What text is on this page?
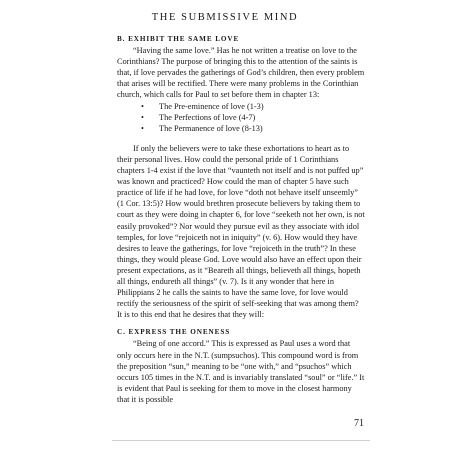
THE SUBMISSIVE MIND

B. EXHIBIT THE SAME LOVE

“Having the same love.” Has he not written a treatise on love to the Corinthians? The purpose of bringing this to the attention of the saints is that, if love pervades the gatherings of God’s children, then every problem that arises will be rectified. There were many problems in the Corinthian church, which calls for Paul to set before them in chapter 13:

• The Pre-eminence of love (1-3)
• The Perfections of love (4-7)
• The Permanence of love (8-13)

If only the believers were to take these exhortations to heart as to their personal lives. How could the personal pride of 1 Corinthians chapters 1-4 exist if the love that “vaunteth not itself and is not puffed up” was known and practiced? How could the man of chapter 5 have such practice of life if he had love, for love “doth not behave itself unseemly” (1 Cor. 13:5)? How would brethren prosecute believers by taking them to court as they were doing in chapter 6, for love “seeketh not her own, is not easily provoked”? Nor would they pursue evil as they associate with idol temples, for love “rejoiceth not in iniquity” (v. 6). How would they have desires to leave the gatherings, for love “rejoiceth in the truth”? In these things, they would please God. Love would also have an effect upon their present expectations, as it “Beareth all things, believeth all things, hopeth all things, endureth all things” (v. 7). Is it any wonder that here in Philippians 2 he calls the saints to have the same love, for love would rectify the seriousness of the spirit of self-seeking that was among them? It is to this end that he desires that they will:

C. EXPRESS THE ONENESS

“Being of one accord.” This is expressed as Paul uses a word that only occurs here in the N.T. (sumpsuchos). This compound word is from the preposition “sun,” meaning to be “one with,” and “psuchos” which occurs 105 times in the N.T. and is invariably translated “soul” or “life.” It is evident that Paul is seeking for them to move in the closest harmony that it is possible

71
